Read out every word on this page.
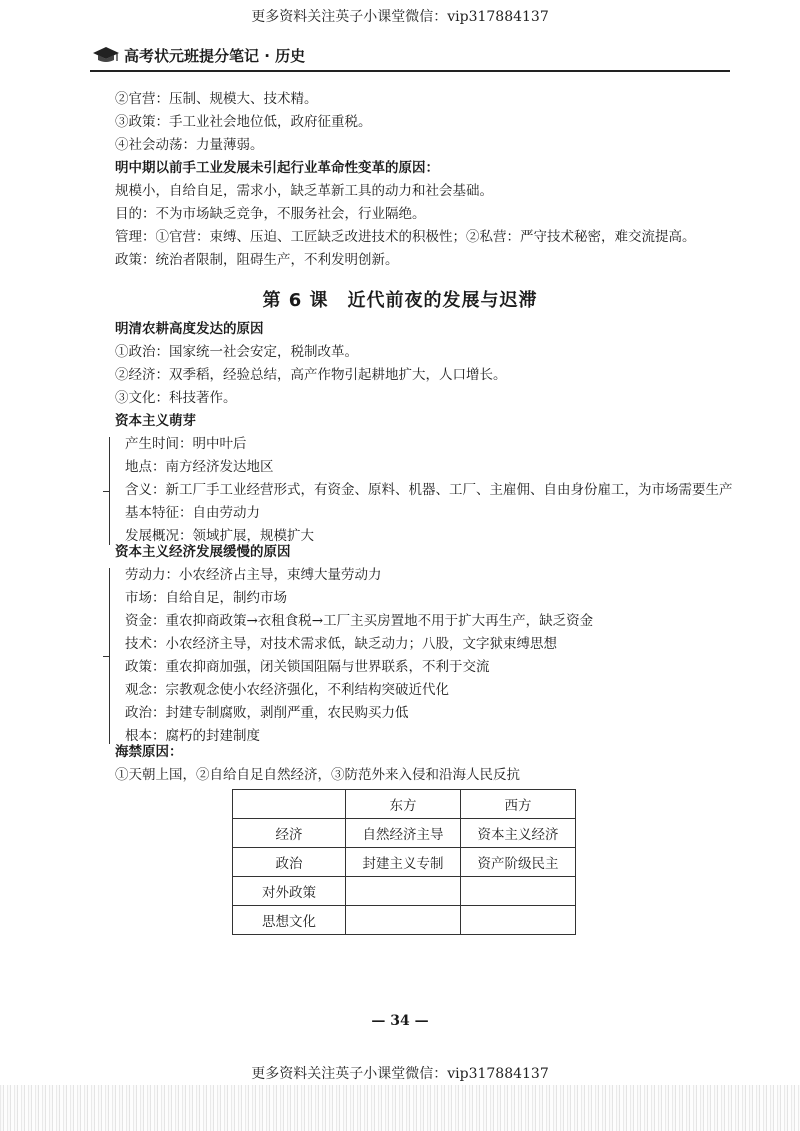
更多资料关注英子小课堂微信：vip317884137
高考状元班提分笔记 · 历史
②官营：压制、规模大、技术精。
③政策：手工业社会地位低，政府征重税。
④社会动荡：力量薄弱。
明中期以前手工业发展未引起行业革命性变革的原因：
规模小，自给自足，需求小，缺乏革新工具的动力和社会基础。
目的：不为市场缺乏竞争，不服务社会，行业隔绝。
管理：①官营：束缚、压迫、工匠缺乏改进技术的积极性；②私营：严守技术秘密，难交流提高。
政策：统治者限制，阻碍生产，不利发明创新。
第 6 课　近代前夜的发展与迟滞
明清农耕高度发达的原因
①政治：国家统一社会安定，税制改革。
②经济：双季稻，经验总结，高产作物引起耕地扩大，人口增长。
③文化：科技著作。
资本主义萌芽
产生时间：明中叶后
地点：南方经济发达地区
含义：新工厂手工业经营形式，有资金、原料、机器、工厂、主雇佣、自由身份雇工，为市场需要生产
基本特征：自由劳动力
发展概况：领域扩展，规模扩大
资本主义经济发展缓慢的原因
劳动力：小农经济占主导，束缚大量劳动力
市场：自给自足，制约市场
资金：重农抑商政策→衣租食税→工厂主买房置地不用于扩大再生产，缺乏资金
技术：小农经济主导，对技术需求低，缺乏动力；八股，文字狱束缚思想
政策：重农抑商加强，闭关锁国阻隔与世界联系，不利于交流
观念：宗教观念使小农经济强化，不利结构突破近代化
政治：封建专制腐败，剥削严重，农民购买力低
根本：腐朽的封建制度
海禁原因：
①天朝上国，②自给自足自然经济，③防范外来入侵和沿海人民反抗
	东方	西方
经济	自然经济主导	资本主义经济
政治	封建主义专制	资产阶级民主
对外政策		
思想文化		
— 34 —
更多资料关注英子小课堂微信：vip317884137
